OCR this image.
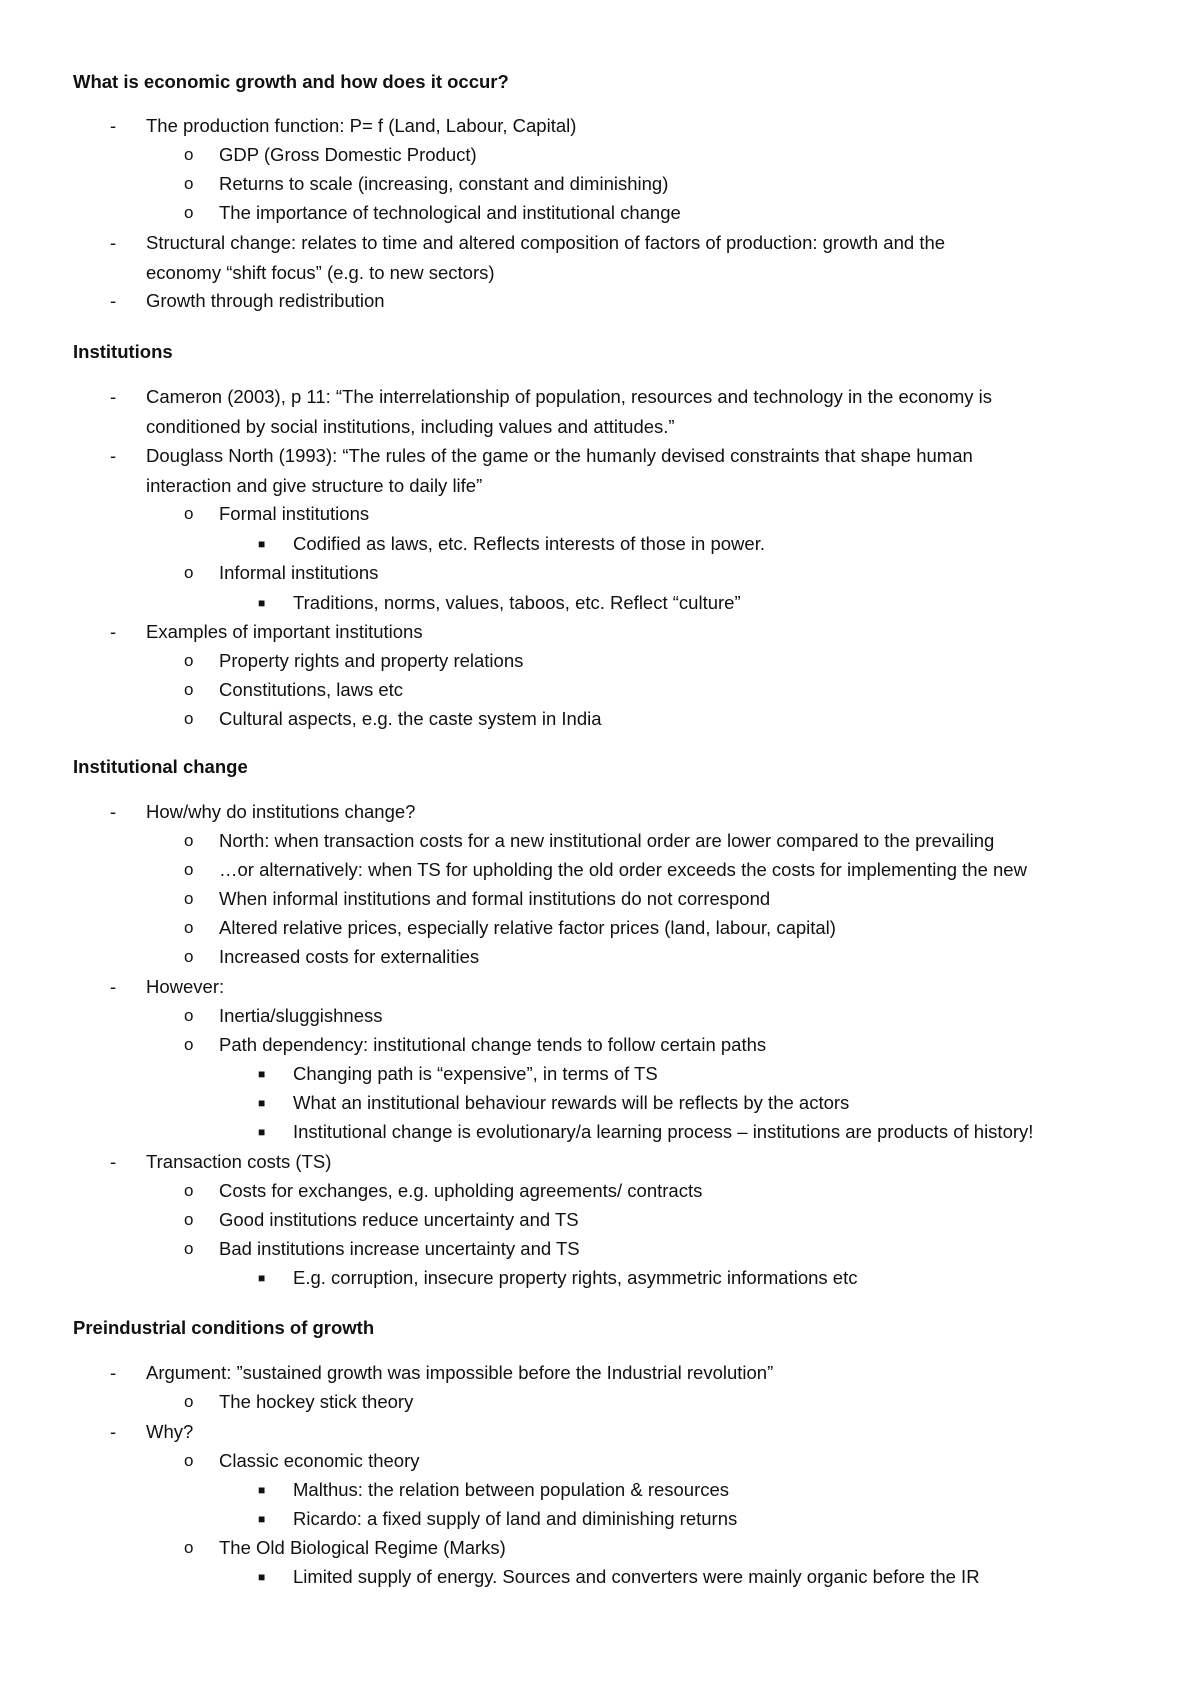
What is economic growth and how does it occur?
- The production function: P= f (Land, Labour, Capital)
o GDP (Gross Domestic Product)
o Returns to scale (increasing, constant and diminishing)
o The importance of technological and institutional change
- Structural change: relates to time and altered composition of factors of production: growth and the
economy “shift focus” (e.g. to new sectors)
- Growth through redistribution
Institutions
- Cameron (2003), p 11: “The interrelationship of population, resources and technology in the economy is
conditioned by social institutions, including values and attitudes.”
- Douglass North (1993): “The rules of the game or the humanly devised constraints that shape human
interaction and give structure to daily life”
o Formal institutions
■ Codified as laws, etc. Reflects interests of those in power.
o Informal institutions
■ Traditions, norms, values, taboos, etc. Reflect “culture”
- Examples of important institutions
o Property rights and property relations
o Constitutions, laws etc
o Cultural aspects, e.g. the caste system in India
Institutional change
- How/why do institutions change?
o North: when transaction costs for a new institutional order are lower compared to the prevailing
o …or alternatively: when TS for upholding the old order exceeds the costs for implementing the new
o When informal institutions and formal institutions do not correspond
o Altered relative prices, especially relative factor prices (land, labour, capital)
o Increased costs for externalities
- However:
o Inertia/sluggishness
o Path dependency: institutional change tends to follow certain paths
■ Changing path is “expensive”, in terms of TS
■ What an institutional behaviour rewards will be reflects by the actors
■ Institutional change is evolutionary/a learning process – institutions are products of history!
- Transaction costs (TS)
o Costs for exchanges, e.g. upholding agreements/ contracts
o Good institutions reduce uncertainty and TS
o Bad institutions increase uncertainty and TS
■ E.g. corruption, insecure property rights, asymmetric informations etc
Preindustrial conditions of growth
- Argument: ”sustained growth was impossible before the Industrial revolution”
o The hockey stick theory
- Why?
o Classic economic theory
■ Malthus: the relation between population & resources
■ Ricardo: a fixed supply of land and diminishing returns
o The Old Biological Regime (Marks)
■ Limited supply of energy. Sources and converters were mainly organic before the IR
